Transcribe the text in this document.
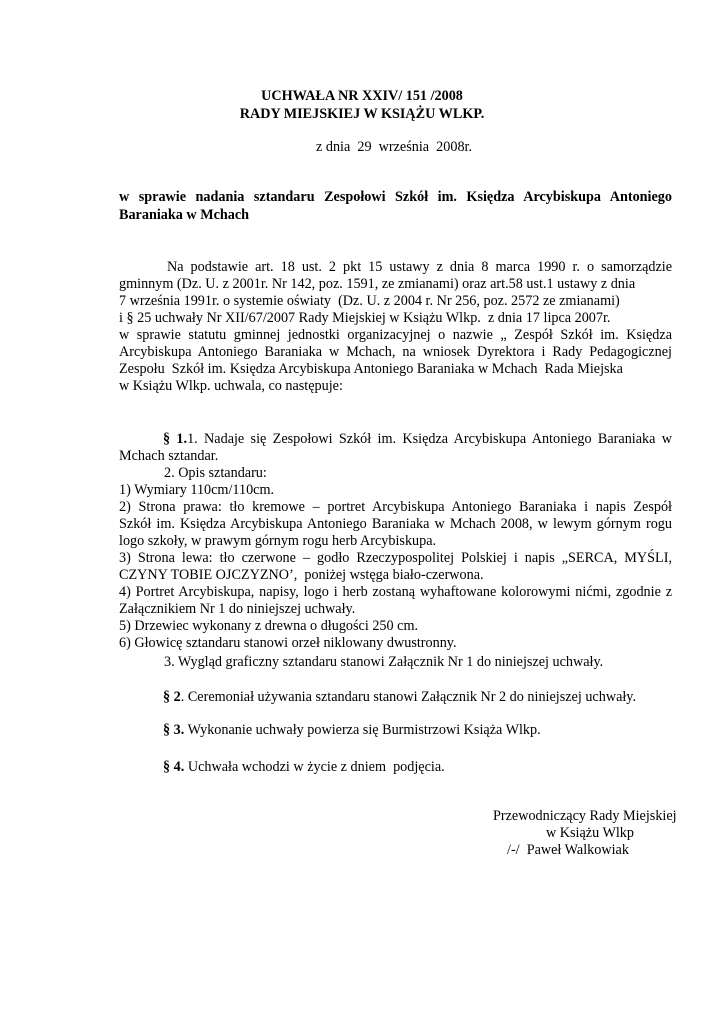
UCHWAŁA NR XXIV/ 151 /2008
RADY MIEJSKIEJ W KSIĄŻU WLKP.
z dnia  29  września  2008r.
w sprawie nadania sztandaru Zespołowi Szkół im. Księdza Arcybiskupa Antoniego
Baraniaka w Mchach
Na podstawie art. 18 ust. 2 pkt 15 ustawy z dnia 8 marca 1990 r. o samorządzie
gminnym (Dz. U. z 2001r. Nr 142, poz. 1591, ze zmianami) oraz art.58 ust.1 ustawy z dnia
7 września 1991r. o systemie oświaty  (Dz. U. z 2004 r. Nr 256, poz. 2572 ze zmianami)
i § 25 uchwały Nr XII/67/2007 Rady Miejskiej w Książu Wlkp.  z dnia 17 lipca 2007r.
w sprawie statutu gminnej jednostki organizacyjnej o nazwie „ Zespół Szkół im. Księdza
Arcybiskupa Antoniego Baraniaka w Mchach, na wniosek Dyrektora i Rady Pedagogicznej
Zespołu  Szkół im. Księdza Arcybiskupa Antoniego Baraniaka w Mchach  Rada Miejska
w Książu Wlkp. uchwala, co następuje:
§ 1.1. Nadaje się Zespołowi Szkół im. Księdza Arcybiskupa Antoniego Baraniaka w
Mchach sztandar.
2. Opis sztandaru:
1) Wymiary 110cm/110cm.
2) Strona prawa: tło kremowe – portret Arcybiskupa Antoniego Baraniaka i napis Zespół
Szkół im. Księdza Arcybiskupa Antoniego Baraniaka w Mchach 2008, w lewym górnym rogu
logo szkoły, w prawym górnym rogu herb Arcybiskupa.
3) Strona lewa: tło czerwone – godło Rzeczypospolitej Polskiej i napis „SERCA, MYŚLI,
CZYNY TOBIE OJCZYZNO’,  poniżej wstęga biało-czerwona.
4) Portret Arcybiskupa, napisy, logo i herb zostaną wyhaftowane kolorowymi nićmi, zgodnie z
Załącznikiem Nr 1 do niniejszej uchwały.
5) Drzewiec wykonany z drewna o długości 250 cm.
6) Głowicę sztandaru stanowi orzeł niklowany dwustronny.
3. Wygląd graficzny sztandaru stanowi Załącznik Nr 1 do niniejszej uchwały.
§ 2. Ceremoniał używania sztandaru stanowi Załącznik Nr 2 do niniejszej uchwały.
§ 3. Wykonanie uchwały powierza się Burmistrzowi Książa Wlkp.
§ 4. Uchwała wchodzi w życie z dniem  podjęcia.
Przewodniczący Rady Miejskiej
w Książu Wlkp
/-/  Paweł Walkowiak
